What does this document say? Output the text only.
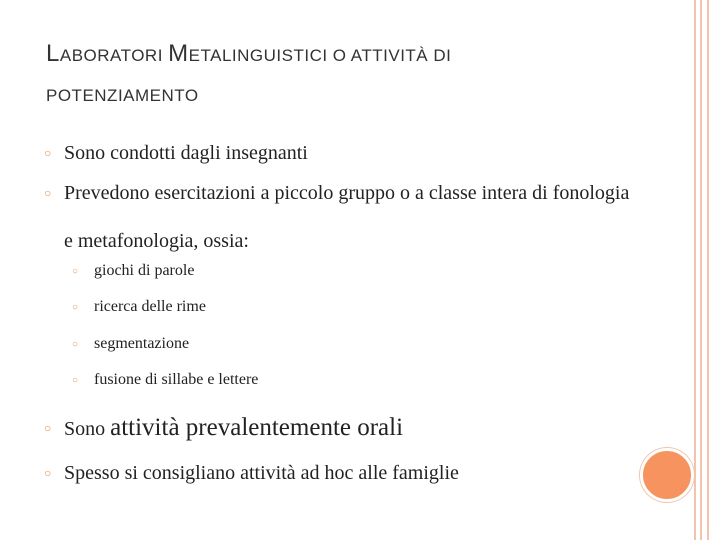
LABORATORI METALINGUISTICI O ATTIVITÀ DI
POTENZIAMENTO
○ Sono condotti dagli insegnanti
○ Prevedono esercitazioni a piccolo gruppo o a classe intera di fonologia e metafonologia, ossia:
○ giochi di parole
○ ricerca delle rime
○ segmentazione
○ fusione di sillabe e lettere
○ Sono attività prevalentemente orali
○ Spesso si consigliano attività ad hoc alle famiglie
